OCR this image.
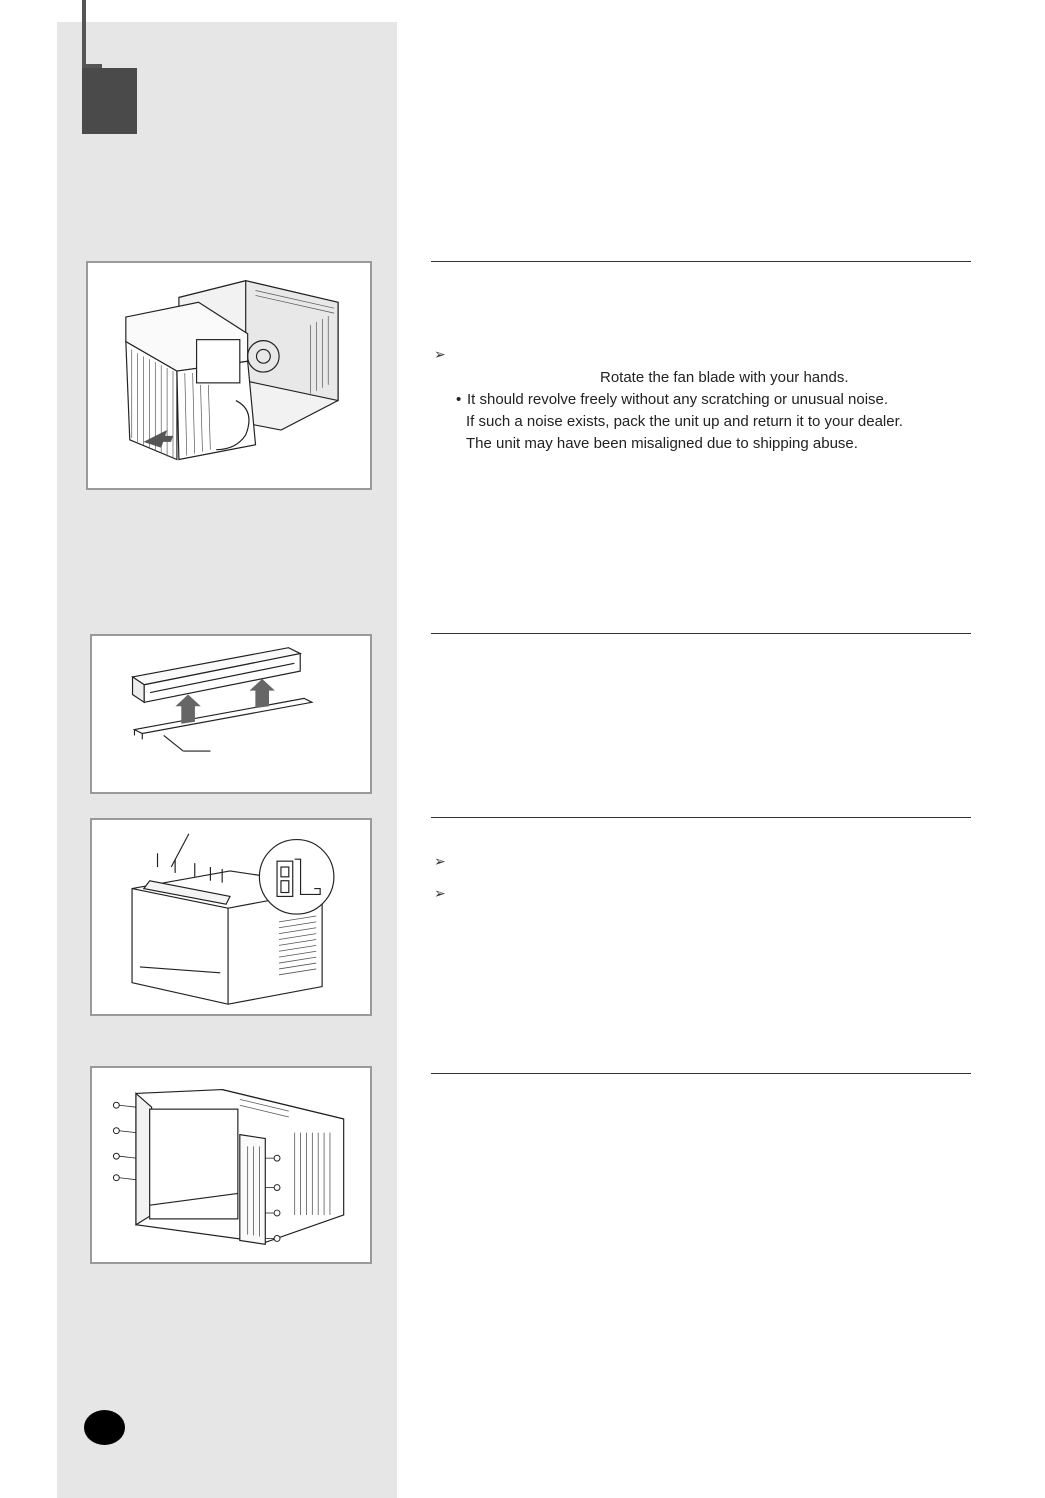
➢
Rotate the fan blade with your hands.
• It should revolve freely without any scratching or unusual noise.
If such a noise exists, pack the unit up and return it to your dealer.
The unit may have been misaligned due to shipping abuse.
➢
➢
